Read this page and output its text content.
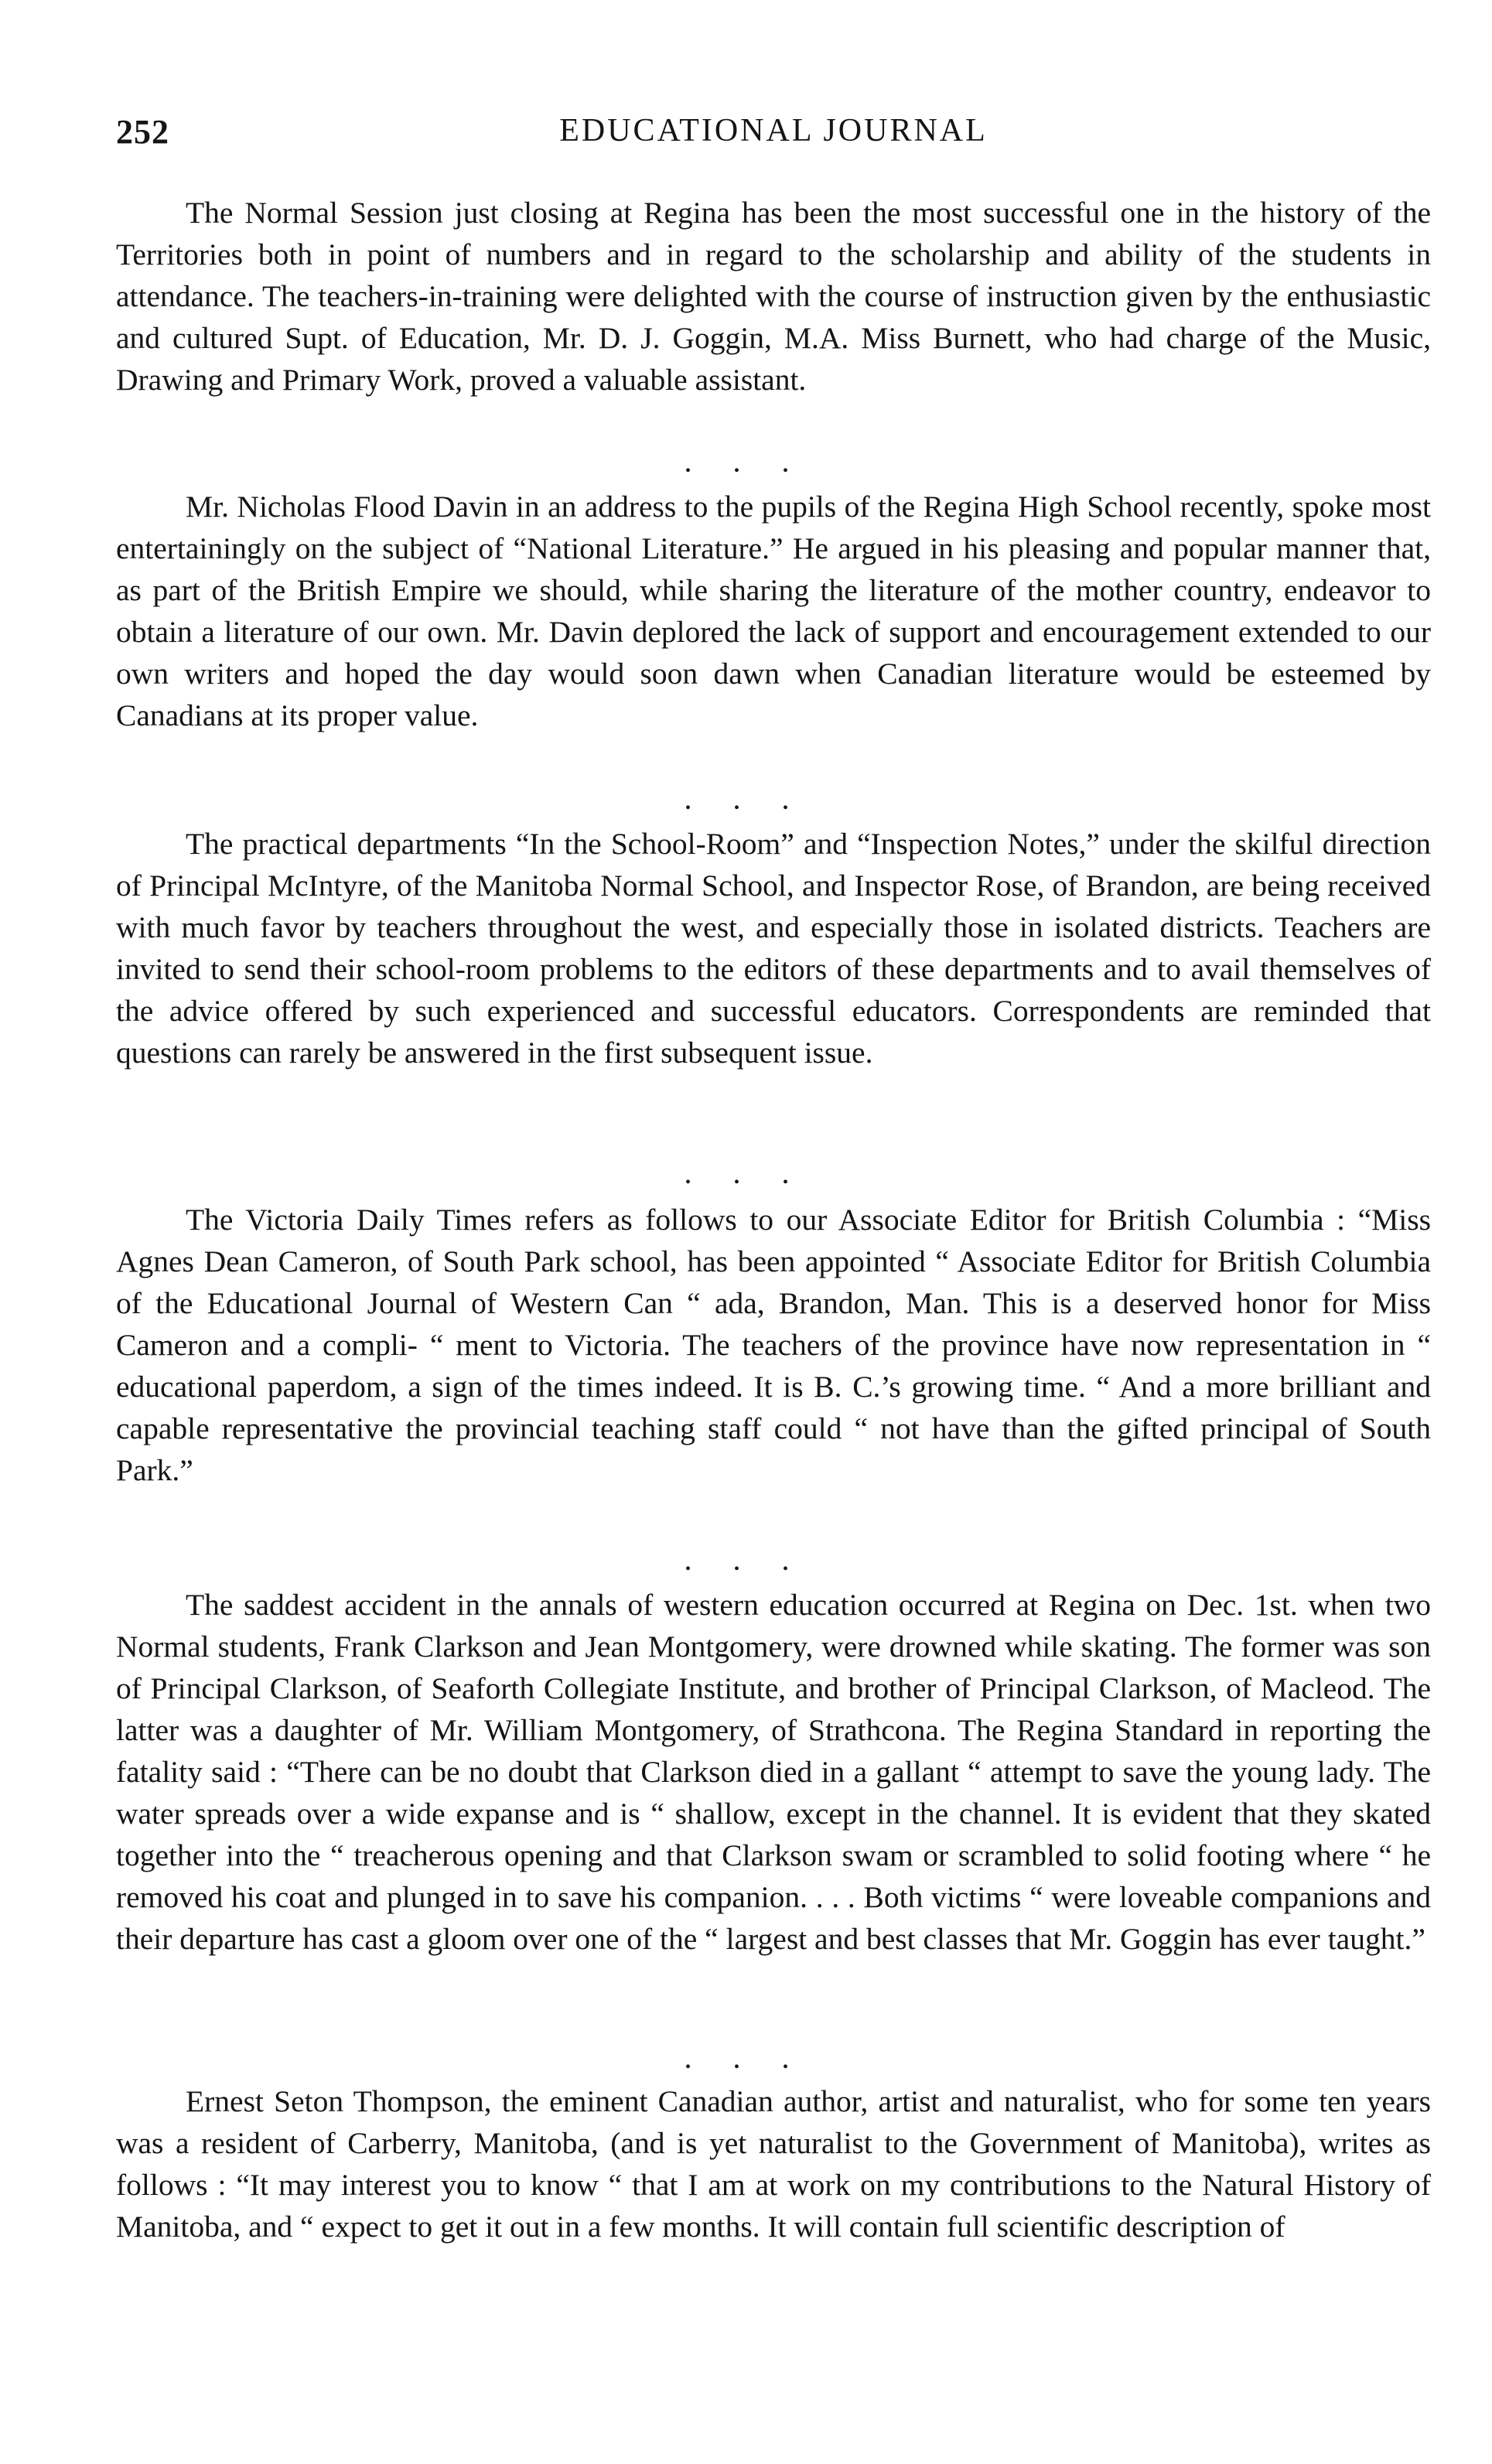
252	EDUCATIONAL JOURNAL

The Normal Session just closing at Regina has been the most successful one in the history of the Territories both in point of numbers and in regard to the scholarship and ability of the students in attendance. The teachers-in-training were delighted with the course of instruction given by the enthusiastic and cultured Supt. of Education, Mr. D. J. Goggin, M.A. Miss Burnett, who had charge of the Music, Drawing and Primary Work, proved a valuable assistant.

. . .

Mr. Nicholas Flood Davin in an address to the pupils of the Regina High School recently, spoke most entertainingly on the subject of “National Literature.” He argued in his pleasing and popular manner that, as part of the British Empire we should, while sharing the literature of the mother country, endeavor to obtain a literature of our own. Mr. Davin deplored the lack of support and encouragement extended to our own writers and hoped the day would soon dawn when Canadian literature would be esteemed by Canadians at its proper value.

. . .

The practical departments “In the School-Room” and “Inspection Notes,” under the skilful direction of Principal McIntyre, of the Manitoba Normal School, and Inspector Rose, of Brandon, are being received with much favor by teachers throughout the west, and especially those in isolated districts. Teachers are invited to send their school-room problems to the editors of these departments and to avail themselves of the advice offered by such experienced and successful educators. Correspondents are reminded that questions can rarely be answered in the first subsequent issue.

. . .

The Victoria Daily Times refers as follows to our Associate Editor for British Columbia : “Miss Agnes Dean Cameron, of South Park school, has been appointed “ Associate Editor for British Columbia of the Educational Journal of Western Can “ ada, Brandon, Man. This is a deserved honor for Miss Cameron and a compli- “ ment to Victoria. The teachers of the province have now representation in “ educational paperdom, a sign of the times indeed. It is B. C.’s growing time. “ And a more brilliant and capable representative the provincial teaching staff could “ not have than the gifted principal of South Park.”

. . .

The saddest accident in the annals of western education occurred at Regina on Dec. 1st. when two Normal students, Frank Clarkson and Jean Montgomery, were drowned while skating. The former was son of Principal Clarkson, of Seaforth Collegiate Institute, and brother of Principal Clarkson, of Macleod. The latter was a daughter of Mr. William Montgomery, of Strathcona. The Regina Standard in reporting the fatality said : “There can be no doubt that Clarkson died in a gallant “ attempt to save the young lady. The water spreads over a wide expanse and is “ shallow, except in the channel. It is evident that they skated together into the “ treacherous opening and that Clarkson swam or scrambled to solid footing where “ he removed his coat and plunged in to save his companion. . . . Both victims “ were loveable companions and their departure has cast a gloom over one of the “ largest and best classes that Mr. Goggin has ever taught.”

. . .

Ernest Seton Thompson, the eminent Canadian author, artist and naturalist, who for some ten years was a resident of Carberry, Manitoba, (and is yet naturalist to the Government of Manitoba), writes as follows : “It may interest you to know “ that I am at work on my contributions to the Natural History of Manitoba, and “ expect to get it out in a few months. It will contain full scientific description of
